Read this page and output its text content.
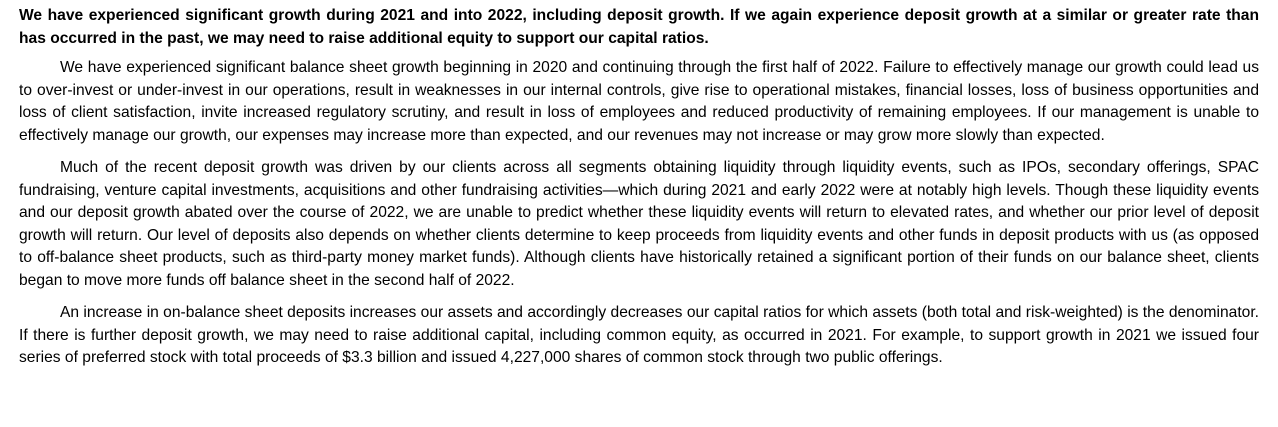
We have experienced significant growth during 2021 and into 2022, including deposit growth. If we again experience deposit growth at a similar or greater rate than has occurred in the past, we may need to raise additional equity to support our capital ratios.

We have experienced significant balance sheet growth beginning in 2020 and continuing through the first half of 2022. Failure to effectively manage our growth could lead us to over-invest or under-invest in our operations, result in weaknesses in our internal controls, give rise to operational mistakes, financial losses, loss of business opportunities and loss of client satisfaction, invite increased regulatory scrutiny, and result in loss of employees and reduced productivity of remaining employees. If our management is unable to effectively manage our growth, our expenses may increase more than expected, and our revenues may not increase or may grow more slowly than expected.

Much of the recent deposit growth was driven by our clients across all segments obtaining liquidity through liquidity events, such as IPOs, secondary offerings, SPAC fundraising, venture capital investments, acquisitions and other fundraising activities—which during 2021 and early 2022 were at notably high levels. Though these liquidity events and our deposit growth abated over the course of 2022, we are unable to predict whether these liquidity events will return to elevated rates, and whether our prior level of deposit growth will return. Our level of deposits also depends on whether clients determine to keep proceeds from liquidity events and other funds in deposit products with us (as opposed to off-balance sheet products, such as third-party money market funds). Although clients have historically retained a significant portion of their funds on our balance sheet, clients began to move more funds off balance sheet in the second half of 2022.

An increase in on-balance sheet deposits increases our assets and accordingly decreases our capital ratios for which assets (both total and risk-weighted) is the denominator. If there is further deposit growth, we may need to raise additional capital, including common equity, as occurred in 2021. For example, to support growth in 2021 we issued four series of preferred stock with total proceeds of $3.3 billion and issued 4,227,000 shares of common stock through two public offerings.
